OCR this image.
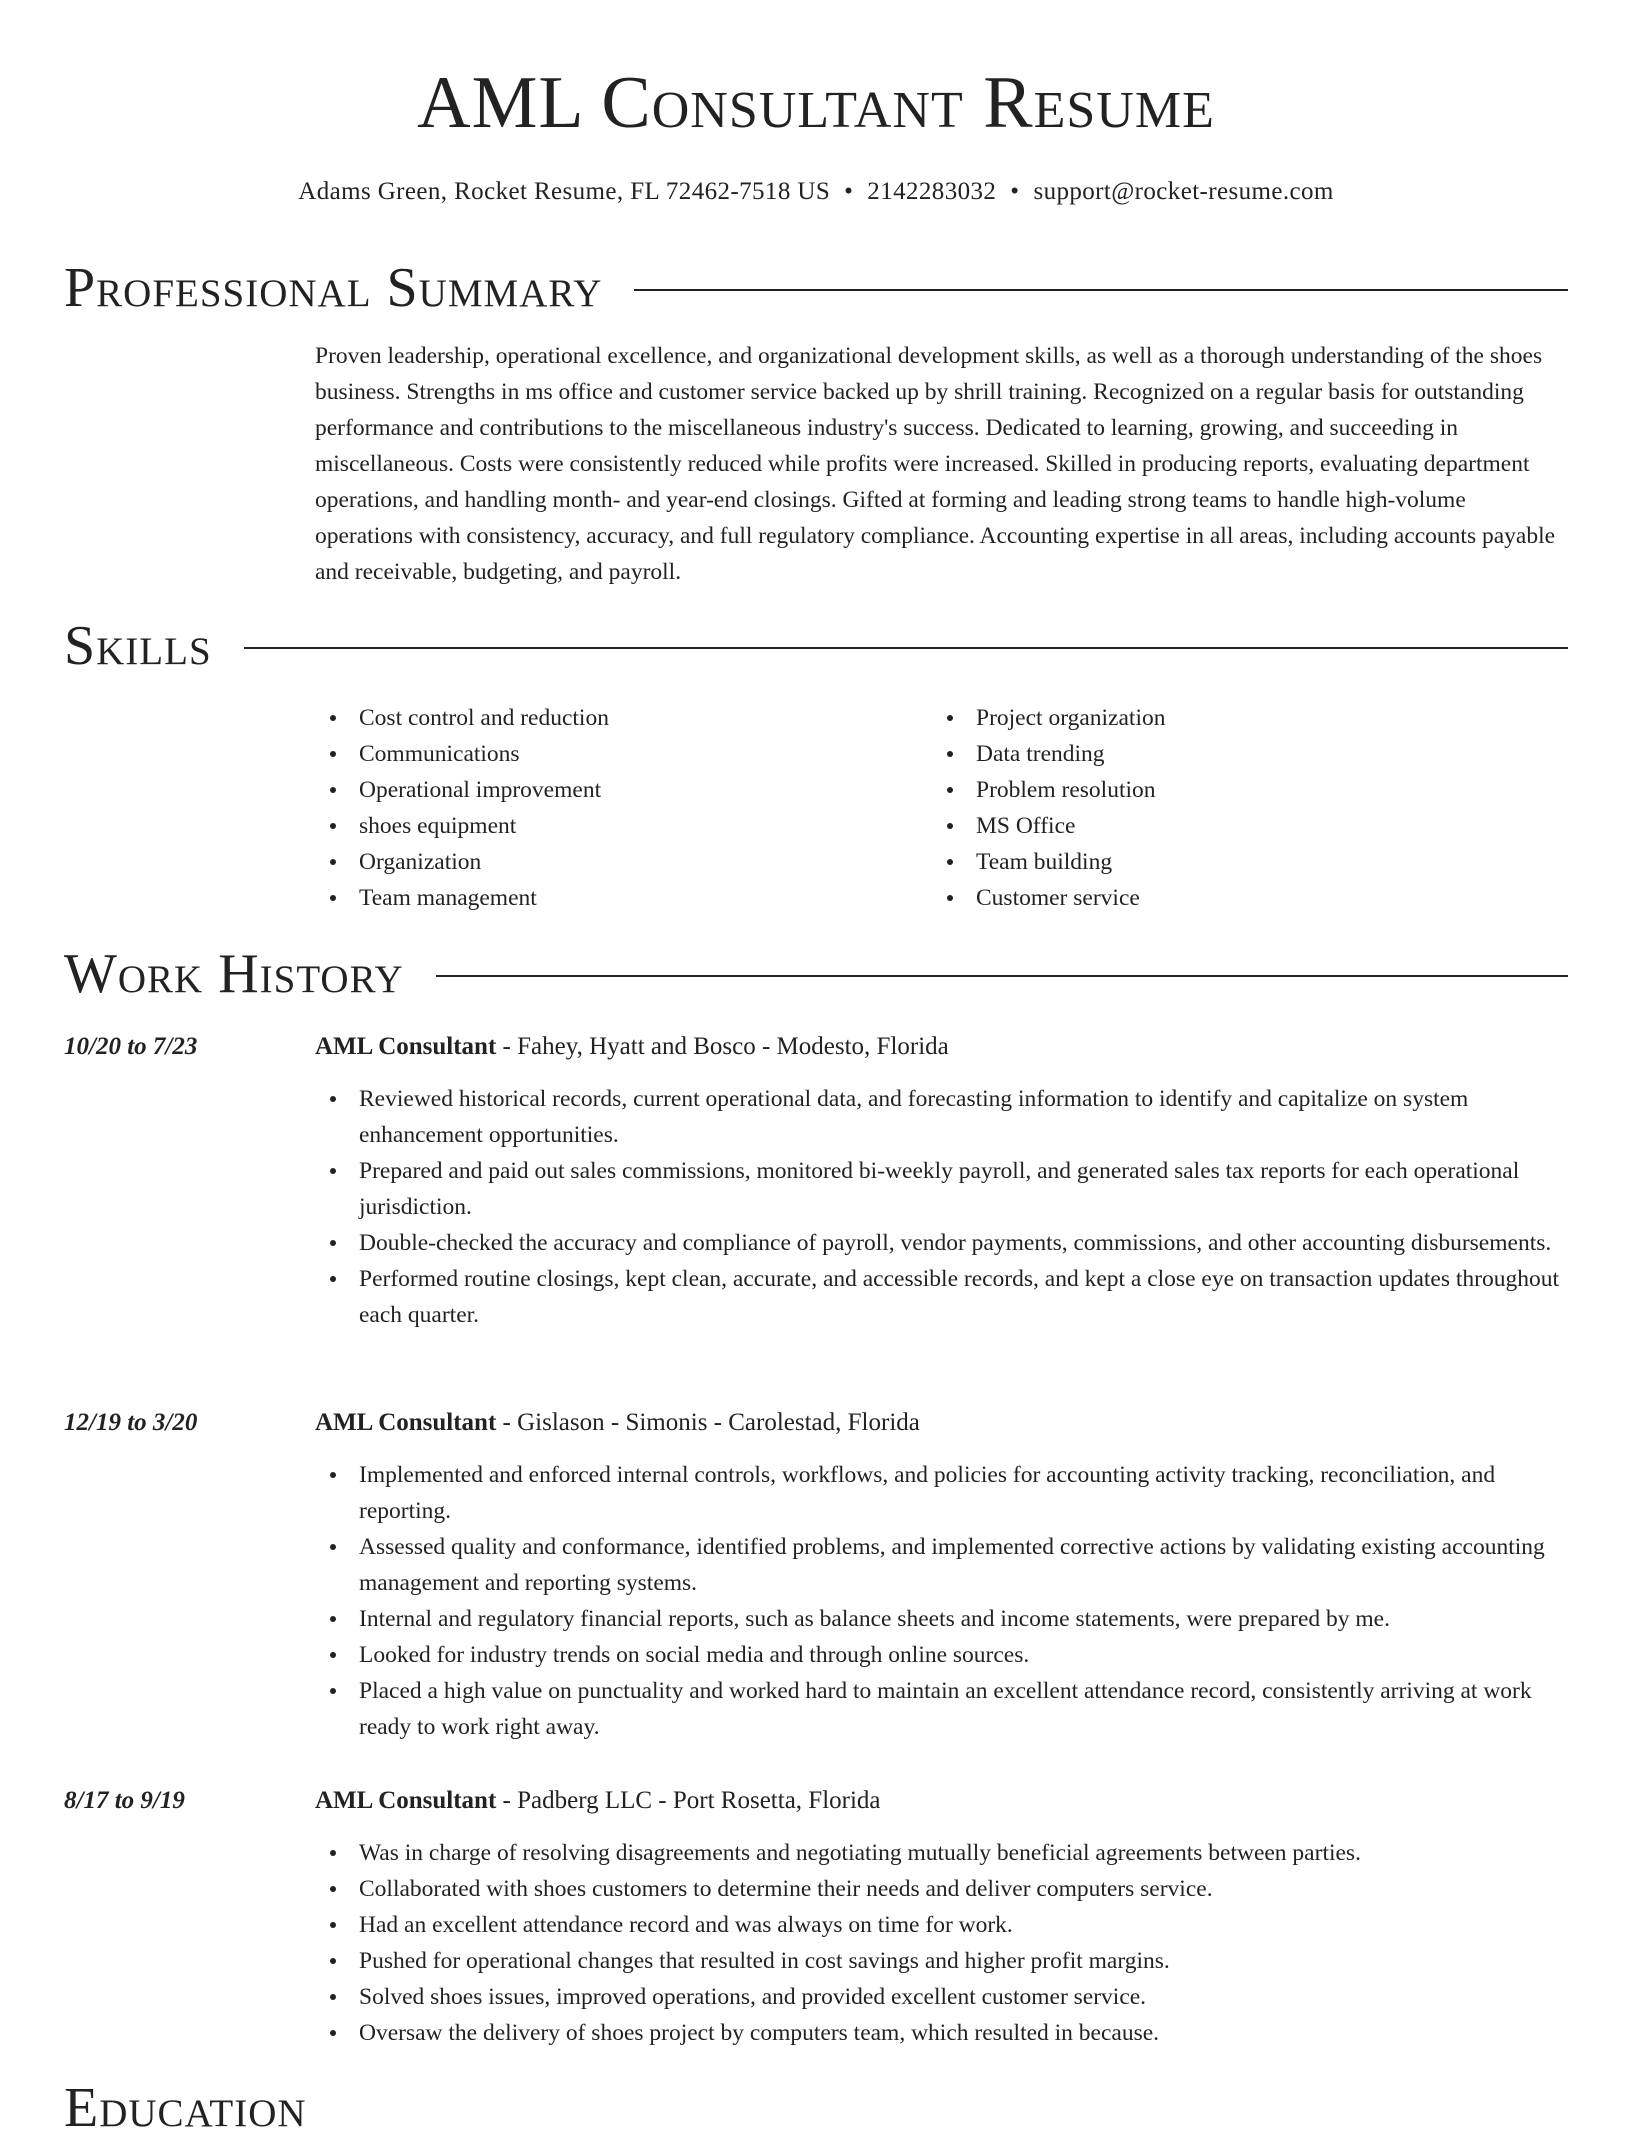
AML Consultant Resume
Adams Green, Rocket Resume, FL 72462-7518 US • 2142283032 • support@rocket-resume.com
Professional Summary

Proven leadership, operational excellence, and organizational development skills, as well as a thorough understanding of the shoes business. Strengths in ms office and customer service backed up by shrill training. Recognized on a regular basis for outstanding performance and contributions to the miscellaneous industry's success. Dedicated to learning, growing, and succeeding in miscellaneous. Costs were consistently reduced while profits were increased. Skilled in producing reports, evaluating department operations, and handling month- and year-end closings. Gifted at forming and leading strong teams to handle high-volume operations with consistency, accuracy, and full regulatory compliance. Accounting expertise in all areas, including accounts payable and receivable, budgeting, and payroll.

Skills
Cost control and reduction
Communications
Operational improvement
shoes equipment
Organization
Team management
Project organization
Data trending
Problem resolution
MS Office
Team building
Customer service
Work History
10/20 to 7/23	AML Consultant - Fahey, Hyatt and Bosco - Modesto, Florida
Reviewed historical records, current operational data, and forecasting information to identify and capitalize on system enhancement opportunities.
Prepared and paid out sales commissions, monitored bi-weekly payroll, and generated sales tax reports for each operational jurisdiction.
Double-checked the accuracy and compliance of payroll, vendor payments, commissions, and other accounting disbursements.
Performed routine closings, kept clean, accurate, and accessible records, and kept a close eye on transaction updates throughout each quarter.
12/19 to 3/20	AML Consultant - Gislason - Simonis - Carolestad, Florida
Implemented and enforced internal controls, workflows, and policies for accounting activity tracking, reconciliation, and reporting.
Assessed quality and conformance, identified problems, and implemented corrective actions by validating existing accounting management and reporting systems.
Internal and regulatory financial reports, such as balance sheets and income statements, were prepared by me.
Looked for industry trends on social media and through online sources.
Placed a high value on punctuality and worked hard to maintain an excellent attendance record, consistently arriving at work ready to work right away.
8/17 to 9/19	AML Consultant - Padberg LLC - Port Rosetta, Florida
Was in charge of resolving disagreements and negotiating mutually beneficial agreements between parties.
Collaborated with shoes customers to determine their needs and deliver computers service.
Had an excellent attendance record and was always on time for work.
Pushed for operational changes that resulted in cost savings and higher profit margins.
Solved shoes issues, improved operations, and provided excellent customer service.
Oversaw the delivery of shoes project by computers team, which resulted in because.
Education
